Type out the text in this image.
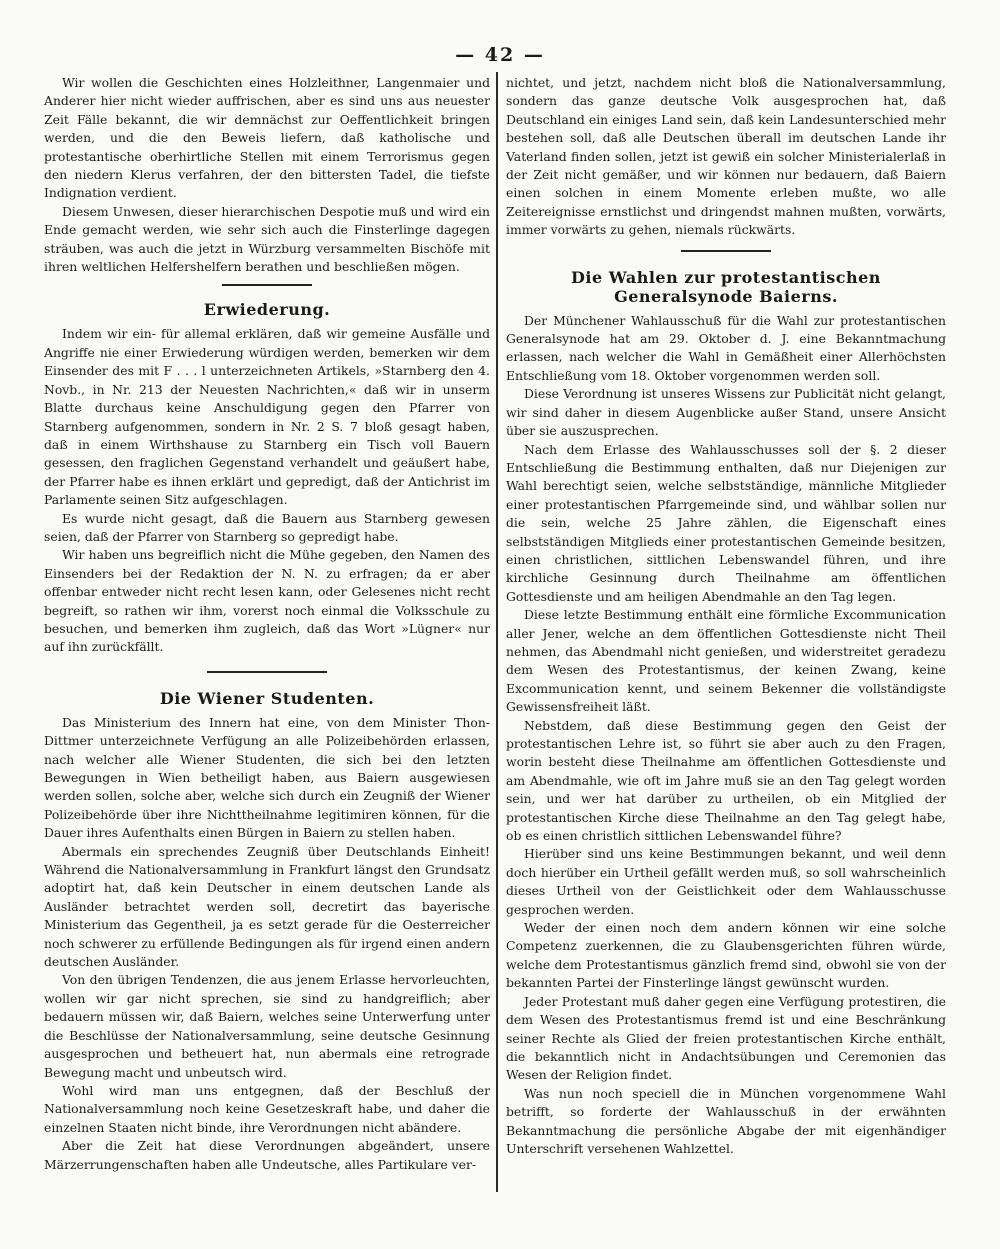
— 42 —

Wir wollen die Geschichten eines Holzleithner, Langenmaier und Anderer hier nicht wieder auffrischen, aber es sind uns aus neuester Zeit Fälle bekannt, die wir demnächst zur Oeffentlichkeit bringen werden, und die den Beweis liefern, daß katholische und protestantische oberhirtliche Stellen mit einem Terrorismus gegen den niedern Klerus verfahren, der den bittersten Tadel, die tiefste Indignation verdient.

Diesem Unwesen, dieser hierarchischen Despotie muß und wird ein Ende gemacht werden, wie sehr sich auch die Finsterlinge dagegen sträuben, was auch die jetzt in Würzburg versammelten Bischöfe mit ihren weltlichen Helfershelfern berathen und beschließen mögen.

Erwiederung.

Indem wir ein- für allemal erklären, daß wir gemeine Ausfälle und Angriffe nie einer Erwiederung würdigen werden, bemerken wir dem Einsender des mit F . . . l unterzeichneten Artikels, »Starnberg den 4. Novb., in Nr. 213 der Neuesten Nachrichten,« daß wir in unserm Blatte durchaus keine Anschuldigung gegen den Pfarrer von Starnberg aufgenommen, sondern in Nr. 2 S. 7 bloß gesagt haben, daß in einem Wirthshause zu Starnberg ein Tisch voll Bauern gesessen, den fraglichen Gegenstand verhandelt und geäußert habe, der Pfarrer habe es ihnen erklärt und gepredigt, daß der Antichrist im Parlamente seinen Sitz aufgeschlagen.

Es wurde nicht gesagt, daß die Bauern aus Starnberg gewesen seien, daß der Pfarrer von Starnberg so gepredigt habe.

Wir haben uns begreiflich nicht die Mühe gegeben, den Namen des Einsenders bei der Redaktion der N. N. zu erfragen; da er aber offenbar entweder nicht recht lesen kann, oder Gelesenes nicht recht begreift, so rathen wir ihm, vorerst noch einmal die Volksschule zu besuchen, und bemerken ihm zugleich, daß das Wort »Lügner« nur auf ihn zurückfällt.

Die Wiener Studenten.

Das Ministerium des Innern hat eine, von dem Minister Thon-Dittmer unterzeichnete Verfügung an alle Polizeibehörden erlassen, nach welcher alle Wiener Studenten, die sich bei den letzten Bewegungen in Wien betheiligt haben, aus Baiern ausgewiesen werden sollen, solche aber, welche sich durch ein Zeugniß der Wiener Polizeibehörde über ihre Nichttheilnahme legitimiren können, für die Dauer ihres Aufenthalts einen Bürgen in Baiern zu stellen haben.

Abermals ein sprechendes Zeugniß über Deutschlands Einheit! Während die Nationalversammlung in Frankfurt längst den Grundsatz adoptirt hat, daß kein Deutscher in einem deutschen Lande als Ausländer betrachtet werden soll, decretirt das bayerische Ministerium das Gegentheil, ja es setzt gerade für die Oesterreicher noch schwerer zu erfüllende Bedingungen als für irgend einen andern deutschen Ausländer.

Von den übrigen Tendenzen, die aus jenem Erlasse hervorleuchten, wollen wir gar nicht sprechen, sie sind zu handgreiflich; aber bedauern müssen wir, daß Baiern, welches seine Unterwerfung unter die Beschlüsse der Nationalversammlung, seine deutsche Gesinnung ausgesprochen und betheuert hat, nun abermals eine retrograde Bewegung macht und unbeutsch wird.

Wohl wird man uns entgegnen, daß der Beschluß der Nationalversammlung noch keine Gesetzeskraft habe, und daher die einzelnen Staaten nicht binde, ihre Verordnungen nicht abändere.

Aber die Zeit hat diese Verordnungen abgeändert, unsere Märzerrungenschaften haben alle Undeutsche, alles Partikulare ver-

nichtet, und jetzt, nachdem nicht bloß die Nationalversammlung, sondern das ganze deutsche Volk ausgesprochen hat, daß Deutschland ein einiges Land sein, daß kein Landesunterschied mehr bestehen soll, daß alle Deutschen überall im deutschen Lande ihr Vaterland finden sollen, jetzt ist gewiß ein solcher Ministerialerlaß in der Zeit nicht gemäßer, und wir können nur bedauern, daß Baiern einen solchen in einem Momente erleben mußte, wo alle Zeitereignisse ernstlichst und dringendst mahnen mußten, vorwärts, immer vorwärts zu gehen, niemals rückwärts.

Die Wahlen zur protestantischen Generalsynode Baierns.

Der Münchener Wahlausschuß für die Wahl zur protestantischen Generalsynode hat am 29. Oktober d. J. eine Bekanntmachung erlassen, nach welcher die Wahl in Gemäßheit einer Allerhöchsten Entschließung vom 18. Oktober vorgenommen werden soll.

Diese Verordnung ist unseres Wissens zur Publicität nicht gelangt, wir sind daher in diesem Augenblicke außer Stand, unsere Ansicht über sie auszusprechen.

Nach dem Erlasse des Wahlausschusses soll der §. 2 dieser Entschließung die Bestimmung enthalten, daß nur Diejenigen zur Wahl berechtigt seien, welche selbstständige, männliche Mitglieder einer protestantischen Pfarrgemeinde sind, und wählbar sollen nur die sein, welche 25 Jahre zählen, die Eigenschaft eines selbstständigen Mitglieds einer protestantischen Gemeinde besitzen, einen christlichen, sittlichen Lebenswandel führen, und ihre kirchliche Gesinnung durch Theilnahme am öffentlichen Gottesdienste und am heiligen Abendmahle an den Tag legen.

Diese letzte Bestimmung enthält eine förmliche Excommunication aller Jener, welche an dem öffentlichen Gottesdienste nicht Theil nehmen, das Abendmahl nicht genießen, und widerstreitet geradezu dem Wesen des Protestantismus, der keinen Zwang, keine Excommunication kennt, und seinem Bekenner die vollständigste Gewissensfreiheit läßt.

Nebstdem, daß diese Bestimmung gegen den Geist der protestantischen Lehre ist, so führt sie aber auch zu den Fragen, worin besteht diese Theilnahme am öffentlichen Gottesdienste und am Abendmahle, wie oft im Jahre muß sie an den Tag gelegt worden sein, und wer hat darüber zu urtheilen, ob ein Mitglied der protestantischen Kirche diese Theilnahme an den Tag gelegt habe, ob es einen christlich sittlichen Lebenswandel führe?

Hierüber sind uns keine Bestimmungen bekannt, und weil denn doch hierüber ein Urtheil gefällt werden muß, so soll wahrscheinlich dieses Urtheil von der Geistlichkeit oder dem Wahlausschusse gesprochen werden.

Weder der einen noch dem andern können wir eine solche Competenz zuerkennen, die zu Glaubensgerichten führen würde, welche dem Protestantismus gänzlich fremd sind, obwohl sie von der bekannten Partei der Finsterlinge längst gewünscht wurden.

Jeder Protestant muß daher gegen eine Verfügung protestiren, die dem Wesen des Protestantismus fremd ist und eine Beschränkung seiner Rechte als Glied der freien protestantischen Kirche enthält, die bekanntlich nicht in Andachtsübungen und Ceremonien das Wesen der Religion findet.

Was nun noch speciell die in München vorgenommene Wahl betrifft, so forderte der Wahlausschuß in der erwähnten Bekanntmachung die persönliche Abgabe der mit eigenhändiger Unterschrift versehenen Wahlzettel.
